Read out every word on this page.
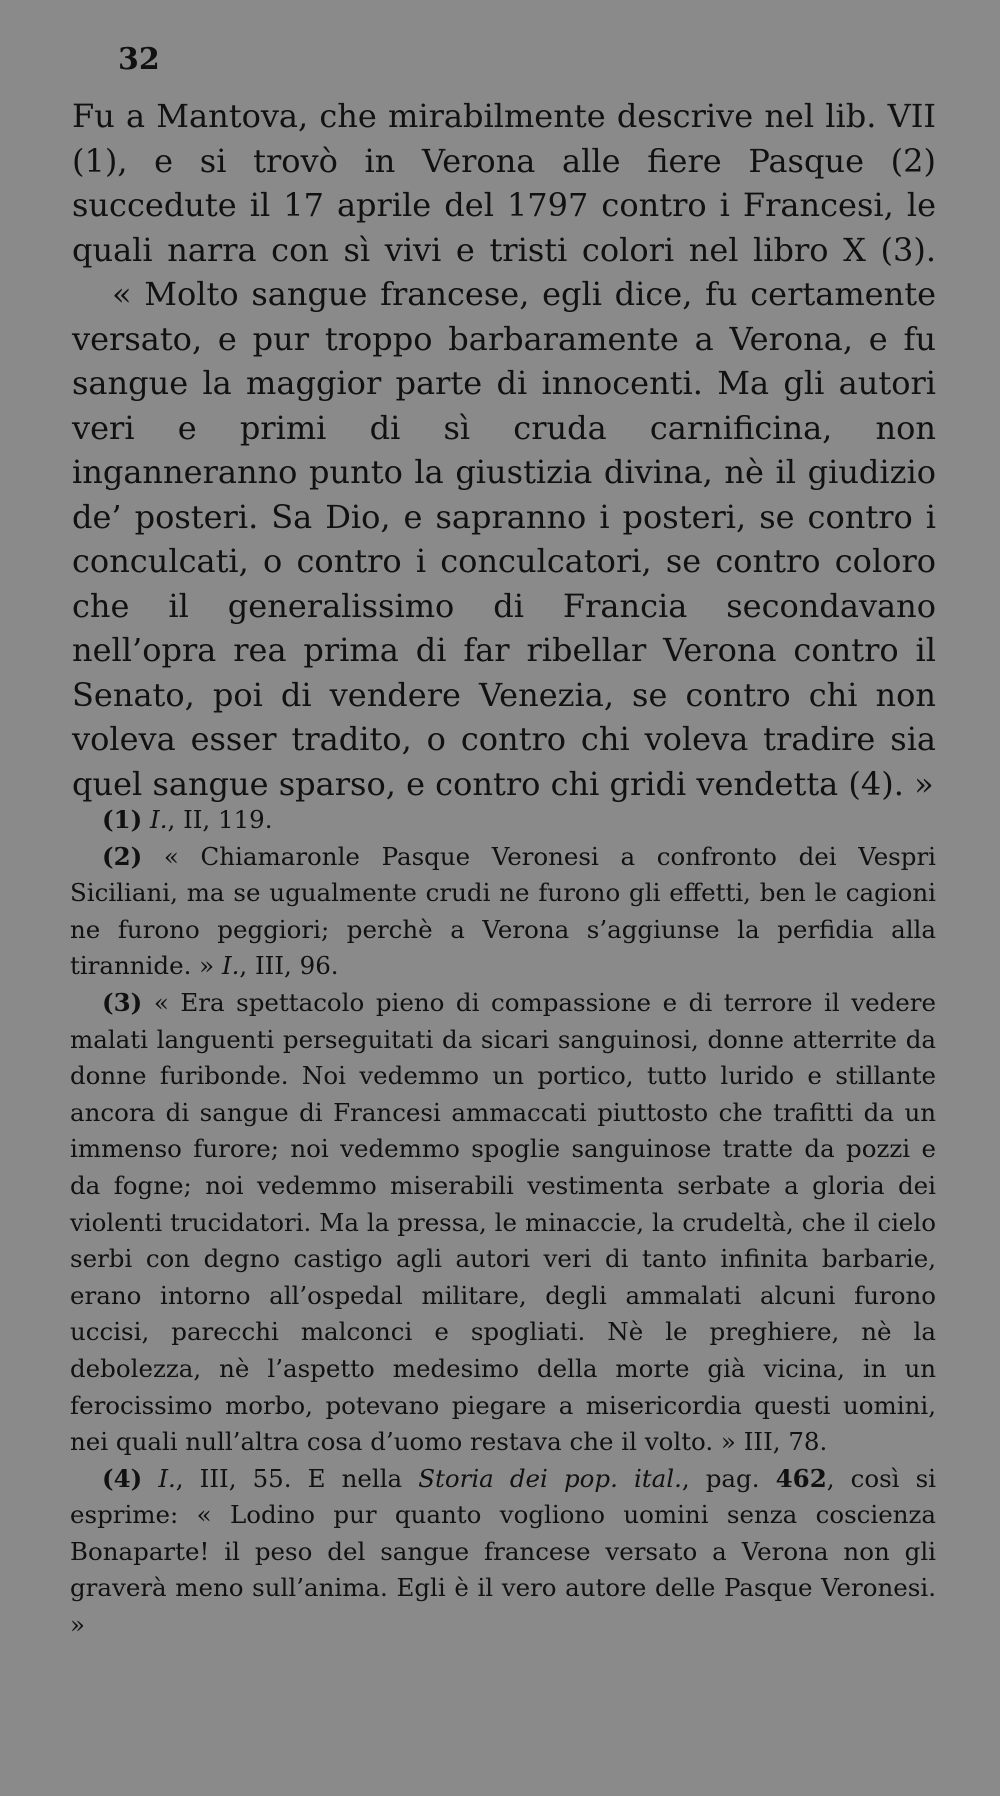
32

Fu a Mantova, che mirabilmente descrive nel lib. VII (1), e si trovò in Verona alle fiere Pasque (2) succedute il 17 aprile del 1797 contro i Francesi, le quali narra con sì vivi e tristi colori nel libro X (3).

« Molto sangue francese, egli dice, fu certamente versato, e pur troppo barbaramente a Verona, e fu sangue la maggior parte di innocenti. Ma gli autori veri e primi di sì cruda carnificina, non inganneranno punto la giustizia divina, nè il giudizio de’ posteri. Sa Dio, e sapranno i posteri, se contro i conculcati, o contro i conculcatori, se contro coloro che il generalissimo di Francia secondavano nell’opra rea prima di far ribellar Verona contro il Senato, poi di vendere Venezia, se contro chi non voleva esser tradito, o contro chi voleva tradire sia quel sangue sparso, e contro chi gridi vendetta (4). »

(1) I., II, 119.

(2) « Chiamaronle Pasque Veronesi a confronto dei Vespri Siciliani, ma se ugualmente crudi ne furono gli effetti, ben le cagioni ne furono peggiori; perchè a Verona s’aggiunse la perfidia alla tirannide. » I., III, 96.

(3) « Era spettacolo pieno di compassione e di terrore il vedere malati languenti perseguitati da sicari sanguinosi, donne atterrite da donne furibonde. Noi vedemmo un portico, tutto lurido e stillante ancora di sangue di Francesi ammaccati piuttosto che trafitti da un immenso furore; noi vedemmo spoglie sanguinose tratte da pozzi e da fogne; noi vedemmo miserabili vestimenta serbate a gloria dei violenti trucidatori. Ma la pressa, le minaccie, la crudeltà, che il cielo serbi con degno castigo agli autori veri di tanto infinita barbarie, erano intorno all’ospedal militare, degli ammalati alcuni furono uccisi, parecchi malconci e spogliati. Nè le preghiere, nè la debolezza, nè l’aspetto medesimo della morte già vicina, in un ferocissimo morbo, potevano piegare a misericordia questi uomini, nei quali null’altra cosa d’uomo restava che il volto. » III, 78.

(4) I., III, 55. E nella Storia dei pop. ital., pag. 462, così si esprime: « Lodino pur quanto vogliono uomini senza coscienza Bonaparte! il peso del sangue francese versato a Verona non gli graverà meno sull’anima. Egli è il vero autore delle Pasque Veronesi. »
